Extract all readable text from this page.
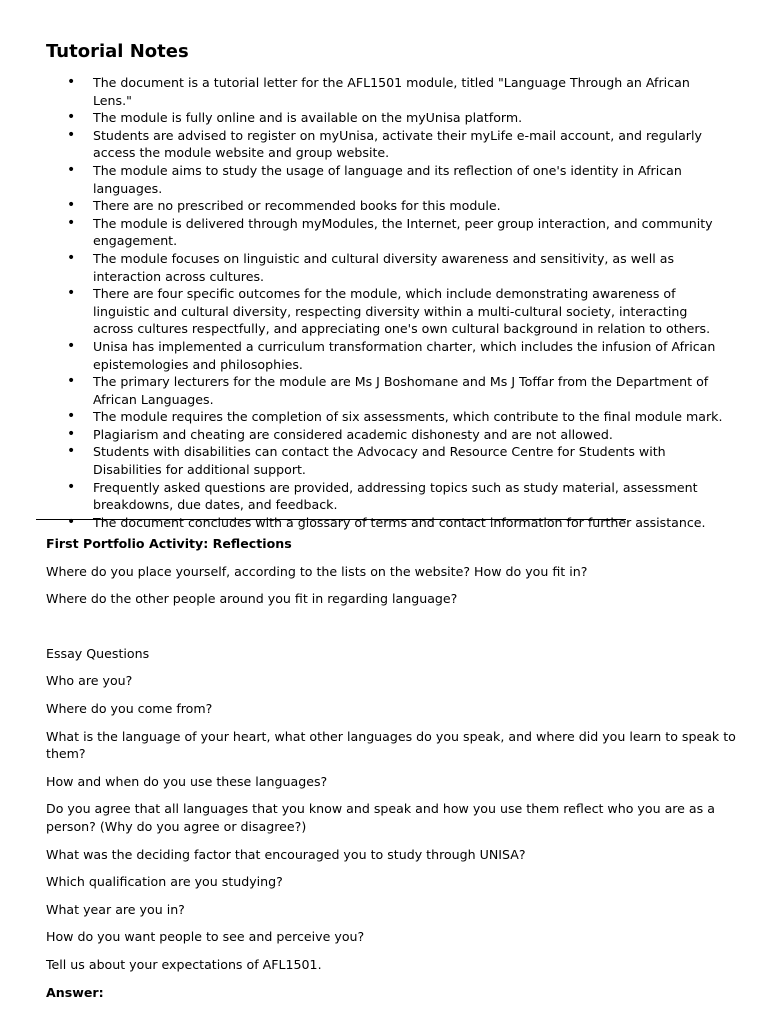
Tutorial Notes
• The document is a tutorial letter for the AFL1501 module, titled "Language Through an African Lens."
• The module is fully online and is available on the myUnisa platform.
• Students are advised to register on myUnisa, activate their myLife e-mail account, and regularly access the module website and group website.
• The module aims to study the usage of language and its reflection of one's identity in African languages.
• There are no prescribed or recommended books for this module.
• The module is delivered through myModules, the Internet, peer group interaction, and community engagement.
• The module focuses on linguistic and cultural diversity awareness and sensitivity, as well as interaction across cultures.
• There are four specific outcomes for the module, which include demonstrating awareness of linguistic and cultural diversity, respecting diversity within a multi-cultural society, interacting across cultures respectfully, and appreciating one's own cultural background in relation to others.
• Unisa has implemented a curriculum transformation charter, which includes the infusion of African epistemologies and philosophies.
• The primary lecturers for the module are Ms J Boshomane and Ms J Toffar from the Department of African Languages.
• The module requires the completion of six assessments, which contribute to the final module mark.
• Plagiarism and cheating are considered academic dishonesty and are not allowed.
• Students with disabilities can contact the Advocacy and Resource Centre for Students with Disabilities for additional support.
• Frequently asked questions are provided, addressing topics such as study material, assessment breakdowns, due dates, and feedback.
• The document concludes with a glossary of terms and contact information for further assistance.

First Portfolio Activity: Reflections

Where do you place yourself, according to the lists on the website? How do you fit in?

Where do the other people around you fit in regarding language?

Essay Questions

Who are you?

Where do you come from?

What is the language of your heart, what other languages do you speak, and where did you learn to speak to them?

How and when do you use these languages?

Do you agree that all languages that you know and speak and how you use them reflect who you are as a person? (Why do you agree or disagree?)

What was the deciding factor that encouraged you to study through UNISA?

Which qualification are you studying?

What year are you in?

How do you want people to see and perceive you?

Tell us about your expectations of AFL1501.

Answer:
